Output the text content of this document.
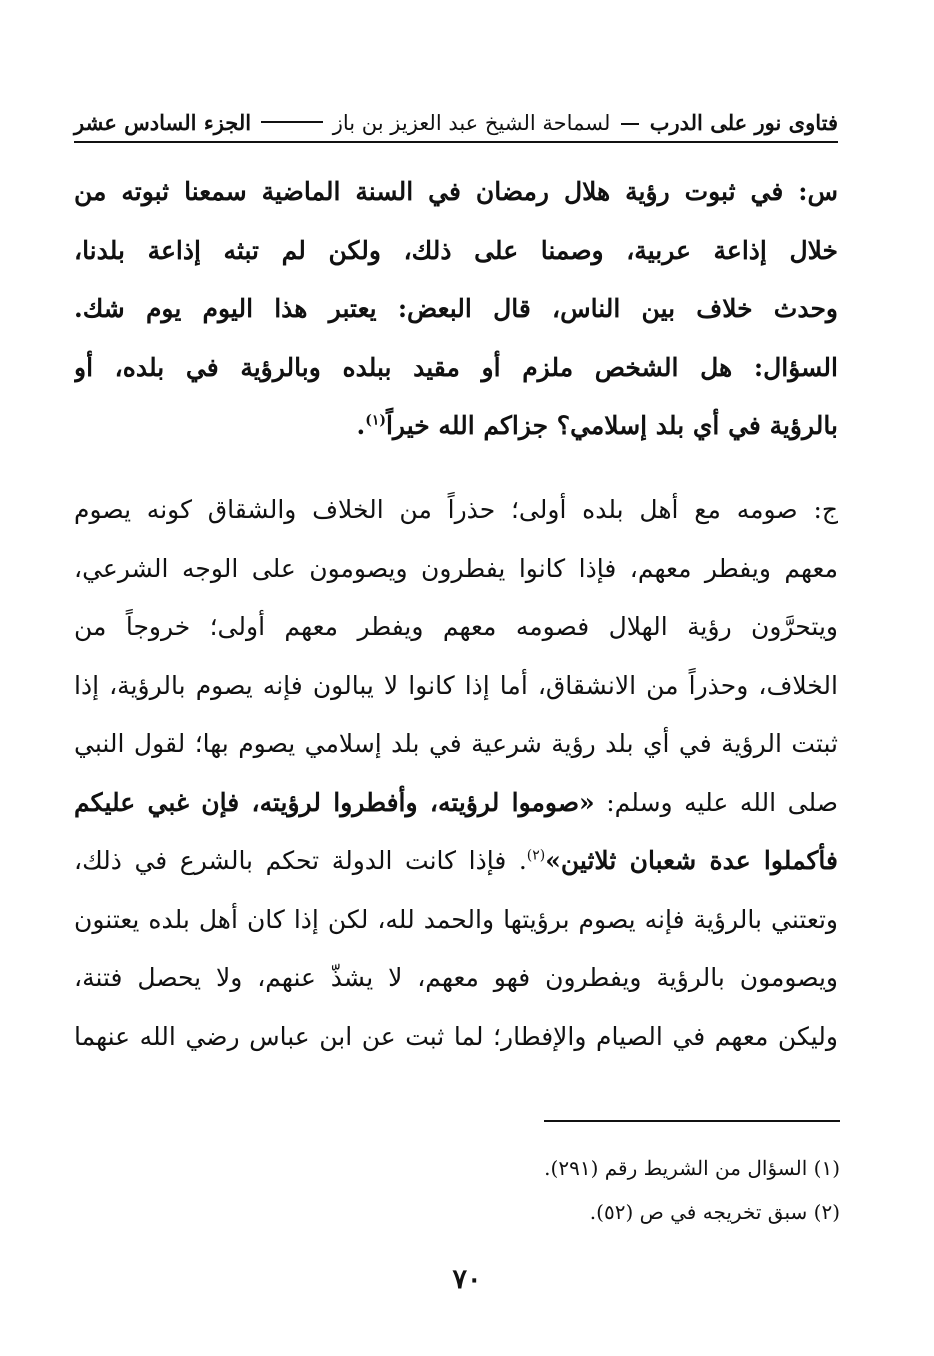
فتاوى نور على الدرب  لسماحة الشيخ عبد العزيز بن باز
الجزء السادس عشر
س: في ثبوت رؤية هلال رمضان في السنة الماضية سمعنا ثبوته من
خلال إذاعة عربية، وصمنا على ذلك، ولكن لم تبثه إذاعة بلدنا،
وحدث خلاف بين الناس، قال البعض: يعتبر هذا اليوم يوم شك.
السؤال: هل الشخص ملزم أو مقيد ببلده وبالرؤية في بلده، أو
بالرؤية في أي بلد إسلامي؟ جزاكم الله خيراً$^{(١)}$.
ج: صومه مع أهل بلده أولى؛ حذراً من الخلاف والشقاق كونه يصوم
معهم ويفطر معهم، فإذا كانوا يفطرون ويصومون على الوجه الشرعي،
ويتحرَّون رؤية الهلال فصومه معهم ويفطر معهم أولى؛ خروجاً من
الخلاف، وحذراً من الانشقاق، أما إذا كانوا لا يبالون فإنه يصوم بالرؤية، إذا
ثبتت الرؤية في أي بلد رؤية شرعية في بلد إسلامي يصوم بها؛ لقول النبي
صلى الله عليه وسلم: «صوموا لرؤيته، وأفطروا لرؤيته، فإن غبي عليكم
فأكملوا عدة شعبان ثلاثين»$^{(٢)}$. فإذا كانت الدولة تحكم بالشرع في ذلك،
وتعتني بالرؤية فإنه يصوم برؤيتها والحمد لله، لكن إذا كان أهل بلده يعتنون
ويصومون بالرؤية ويفطرون فهو معهم، لا يشذّ عنهم، ولا يحصل فتنة،
وليكن معهم في الصيام والإفطار؛ لما ثبت عن ابن عباس رضي الله عنهما
(١) السؤال من الشريط رقم (٢٩١).
(٢) سبق تخريجه في ص (٥٢).
٧٠
